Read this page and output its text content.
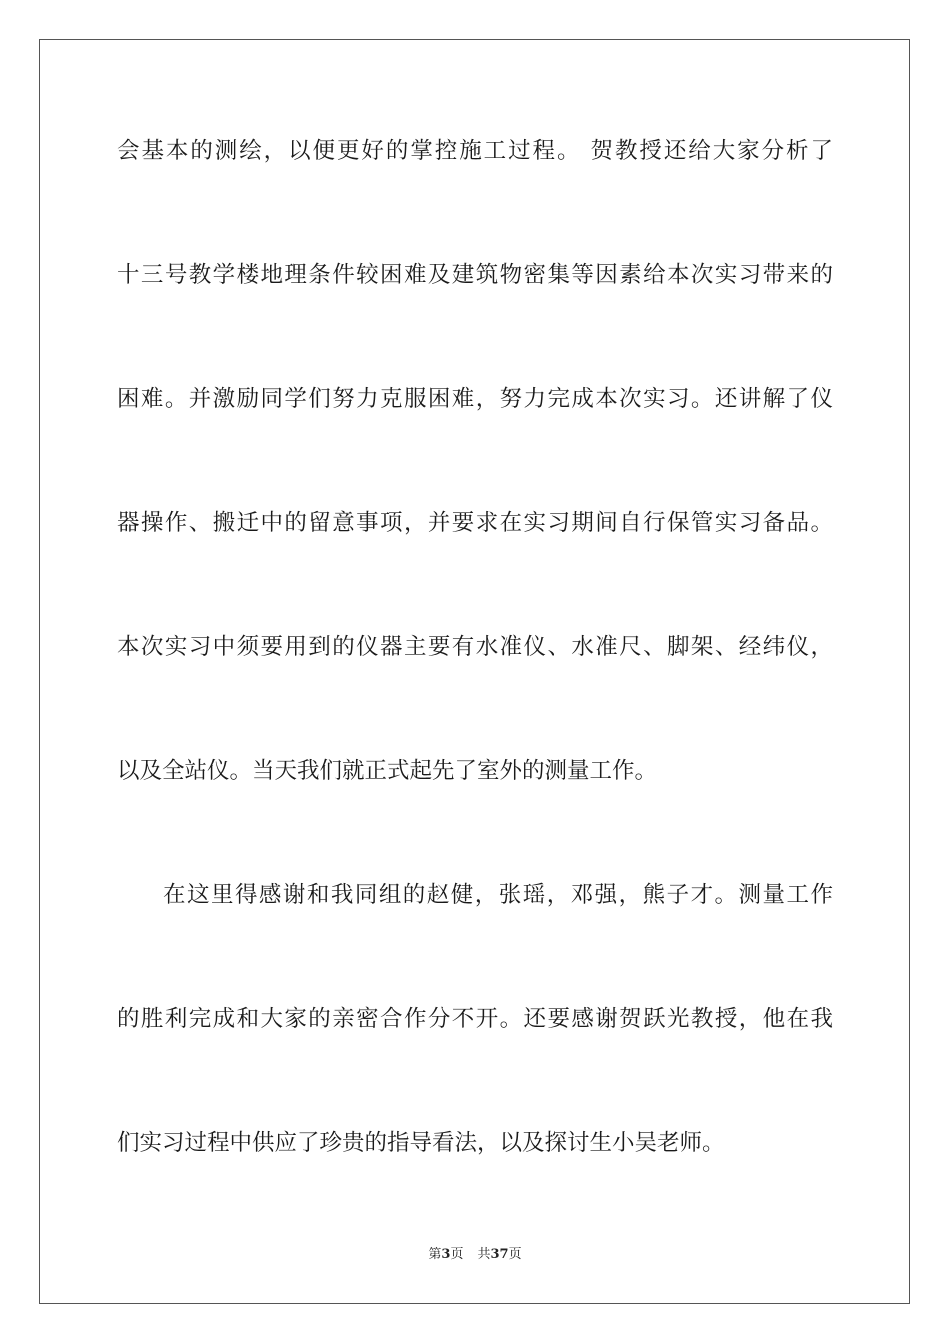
会基本的测绘，以便更好的掌控施工过程。 贺教授还给大家分析了
十三号教学楼地理条件较困难及建筑物密集等因素给本次实习带来的
困难。并激励同学们努力克服困难，努力完成本次实习。还讲解了仪
器操作、搬迁中的留意事项，并要求在实习期间自行保管实习备品。
本次实习中须要用到的仪器主要有水准仪、水准尺、脚架、经纬仪，
以及全站仪。当天我们就正式起先了室外的测量工作。
在这里得感谢和我同组的赵健，张瑶，邓强，熊子才。测量工作
的胜利完成和大家的亲密合作分不开。还要感谢贺跃光教授，他在我
们实习过程中供应了珍贵的指导看法，以及探讨生小吴老师。
第3页 共37页
